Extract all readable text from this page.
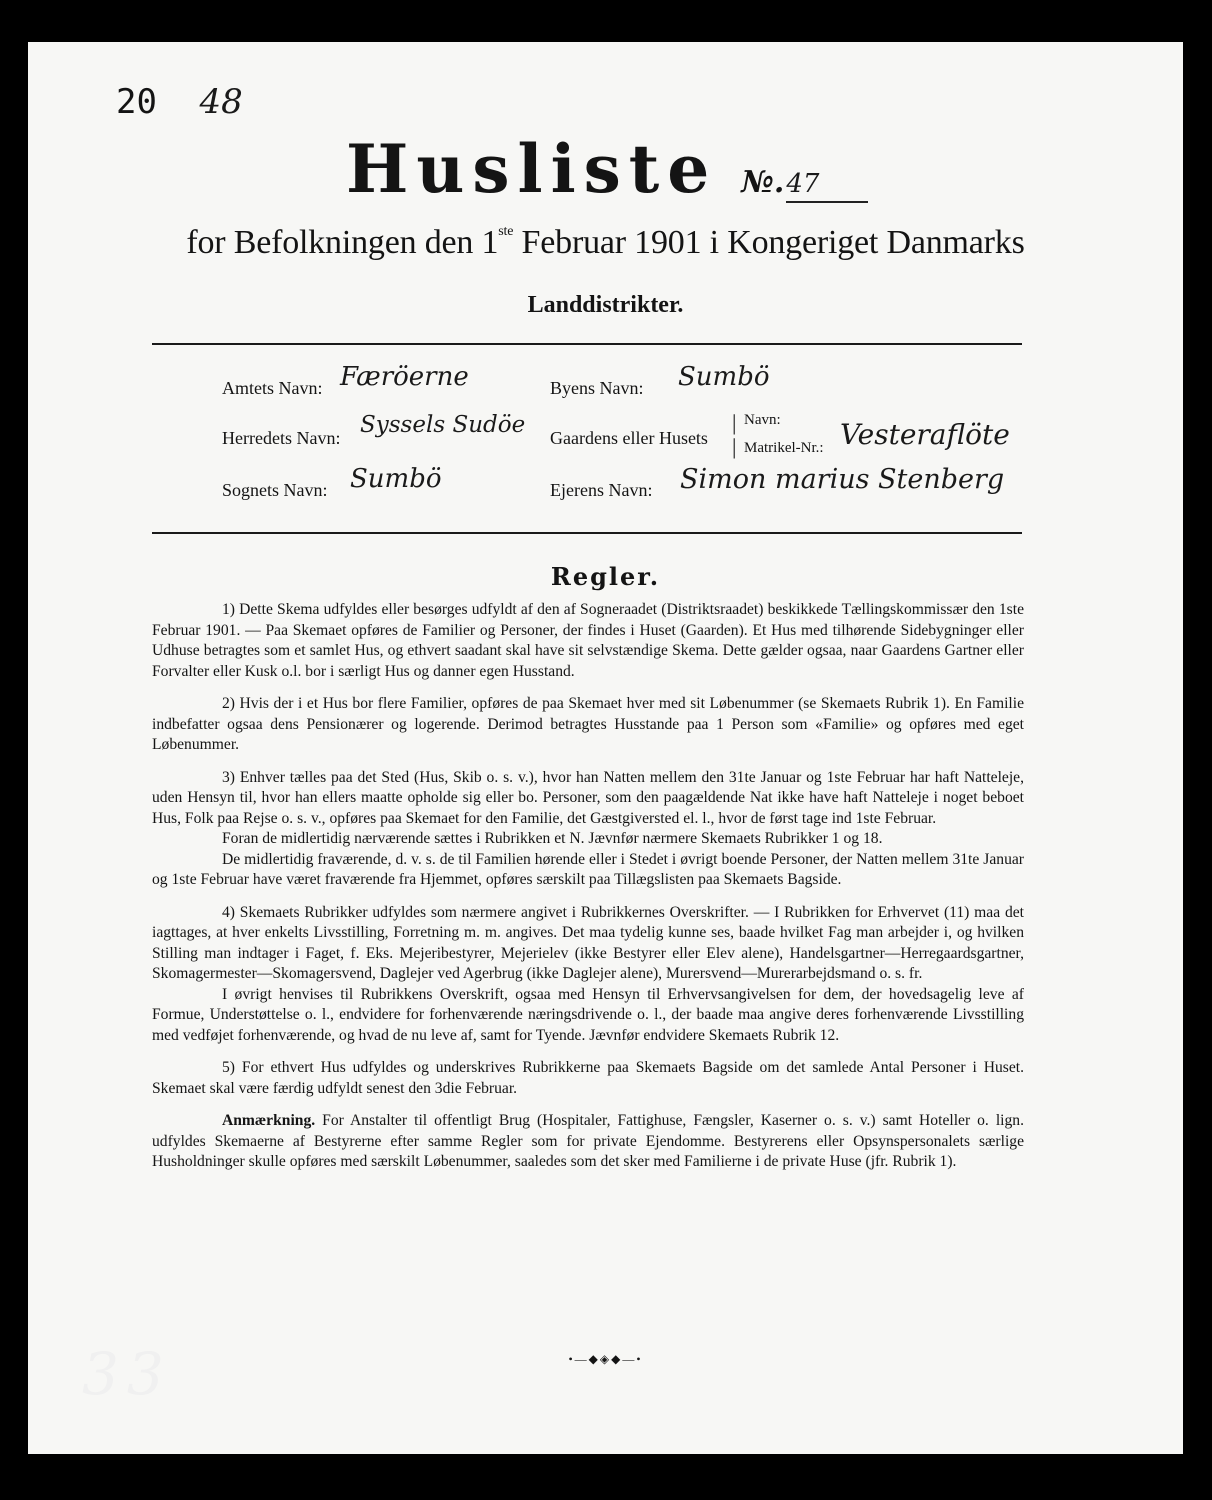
20 48
Husliste №. 47
for Befolkningen den 1ste Februar 1901 i Kongeriget Danmarks
Landdistrikter.
Amtets Navn: Færöerne	Byens Navn: Sumbö
Herredets Navn: Syssels Sudöe Gaardens eller Husets
|
|
Navn:
Matrikel-Nr.: Vesteraflöte
Sognets Navn: Sumbö	Ejerens Navn: Simon marius Stenberg
Regler.

1) Dette Skema udfyldes eller besørges udfyldt af den af Sogneraadet (Distriktsraadet) beskikkede Tællingskommissær den 1ste Februar 1901. — Paa Skemaet opføres de Familier og Personer, der findes i Huset (Gaarden). Et Hus med tilhørende Sidebygninger eller Udhuse betragtes som et samlet Hus, og ethvert saadant skal have sit selvstændige Skema. Dette gælder ogsaa, naar Gaardens Gartner eller Forvalter eller Kusk o.l. bor i særligt Hus og danner egen Husstand.

2) Hvis der i et Hus bor flere Familier, opføres de paa Skemaet hver med sit Løbenummer (se Skemaets Rubrik 1). En Familie indbefatter ogsaa dens Pensionærer og logerende. Derimod betragtes Husstande paa 1 Person som «Familie» og opføres med eget Løbenummer.

3) Enhver tælles paa det Sted (Hus, Skib o. s. v.), hvor han Natten mellem den 31te Januar og 1ste Februar har haft Natteleje, uden Hensyn til, hvor han ellers maatte opholde sig eller bo. Personer, som den paagældende Nat ikke have haft Natteleje i noget beboet Hus, Folk paa Rejse o. s. v., opføres paa Skemaet for den Familie, det Gæstgiversted el. l., hvor de først tage ind 1ste Februar.

Foran de midlertidig nærværende sættes i Rubrikken et N. Jævnfør nærmere Skemaets Rubrikker 1 og 18.

De midlertidig fraværende, d. v. s. de til Familien hørende eller i Stedet i øvrigt boende Personer, der Natten mellem 31te Januar og 1ste Februar have været fraværende fra Hjemmet, opføres særskilt paa Tillægslisten paa Skemaets Bagside.

4) Skemaets Rubrikker udfyldes som nærmere angivet i Rubrikkernes Overskrifter. — I Rubrikken for Erhvervet (11) maa det iagttages, at hver enkelts Livsstilling, Forretning m. m. angives. Det maa tydelig kunne ses, baade hvilket Fag man arbejder i, og hvilken Stilling man indtager i Faget, f. Eks. Mejeribestyrer, Mejerielev (ikke Bestyrer eller Elev alene), Handelsgartner—Herregaardsgartner, Skomagermester—Skomagersvend, Daglejer ved Agerbrug (ikke Daglejer alene), Murersvend—Murerarbejdsmand o. s. fr.

I øvrigt henvises til Rubrikkens Overskrift, ogsaa med Hensyn til Erhvervsangivelsen for dem, der hovedsagelig leve af Formue, Understøttelse o. l., endvidere for forhenværende næringsdrivende o. l., der baade maa angive deres forhenværende Livsstilling med vedføjet forhenværende, og hvad de nu leve af, samt for Tyende. Jævnfør endvidere Skemaets Rubrik 12.

5) For ethvert Hus udfyldes og underskrives Rubrikkerne paa Skemaets Bagside om det samlede Antal Personer i Huset. Skemaet skal være færdig udfyldt senest den 3die Februar.

Anmærkning. For Anstalter til offentligt Brug (Hospitaler, Fattighuse, Fængsler, Kaserner o. s. v.) samt Hoteller o. lign. udfyldes Skemaerne af Bestyrerne efter samme Regler som for private Ejendomme. Bestyrerens eller Opsynspersonalets særlige Husholdninger skulle opføres med særskilt Løbenummer, saaledes som det sker med Familierne i de private Huse (jfr. Rubrik 1).

•—◆◈◆—•
33
